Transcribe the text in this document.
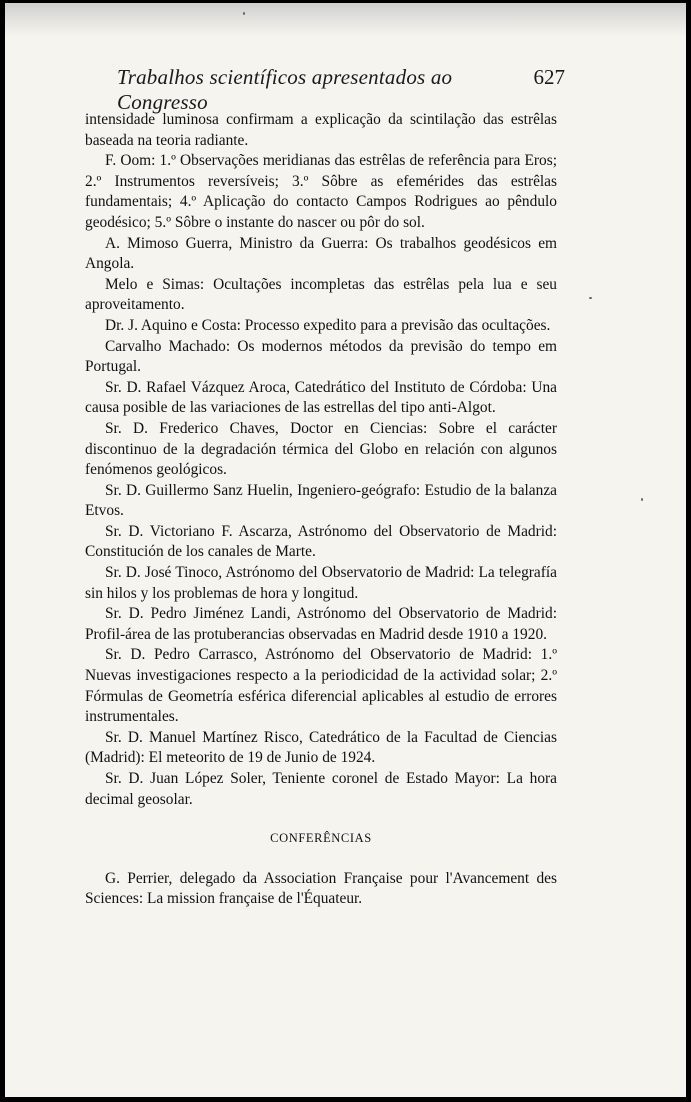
Trabalhos scientíficos apresentados ao Congresso
627

intensidade luminosa confirmam a explicação da scintilação das estrêlas baseada na teoria radiante.

F. Oom: 1.º Observações meridianas das estrêlas de referência para Eros; 2.º Instrumentos reversíveis; 3.º Sôbre as efemérides das estrêlas fundamentais; 4.º Aplicação do contacto Campos Rodrigues ao pêndulo geodésico; 5.º Sôbre o instante do nascer ou pôr do sol.

A. Mimoso Guerra, Ministro da Guerra: Os trabalhos geodésicos em Angola.

Melo e Simas: Ocultações incompletas das estrêlas pela lua e seu aproveitamento.

Dr. J. Aquino e Costa: Processo expedito para a previsão das ocultações.

Carvalho Machado: Os modernos métodos da previsão do tempo em Portugal.

Sr. D. Rafael Vázquez Aroca, Catedrático del Instituto de Córdoba: Una causa posible de las variaciones de las estrellas del tipo anti-Algot.

Sr. D. Frederico Chaves, Doctor en Ciencias: Sobre el carácter discontinuo de la degradación térmica del Globo en relación con algunos fenómenos geológicos.

Sr. D. Guillermo Sanz Huelin, Ingeniero-geógrafo: Estudio de la balanza Etvos.

Sr. D. Victoriano F. Ascarza, Astrónomo del Observatorio de Madrid: Constitución de los canales de Marte.

Sr. D. José Tinoco, Astrónomo del Observatorio de Madrid: La telegrafía sin hilos y los problemas de hora y longitud.

Sr. D. Pedro Jiménez Landi, Astrónomo del Observatorio de Madrid: Profil-área de las protuberancias observadas en Madrid desde 1910 a 1920.

Sr. D. Pedro Carrasco, Astrónomo del Observatorio de Madrid: 1.º Nuevas investigaciones respecto a la periodicidad de la actividad solar; 2.º Fórmulas de Geometría esférica diferencial aplicables al estudio de errores instrumentales.

Sr. D. Manuel Martínez Risco, Catedrático de la Facultad de Ciencias (Madrid): El meteorito de 19 de Junio de 1924.

Sr. D. Juan López Soler, Teniente coronel de Estado Mayor: La hora decimal geosolar.

CONFERÊNCIAS

G. Perrier, delegado da Association Française pour l'Avancement des Sciences: La mission française de l'Équateur.
